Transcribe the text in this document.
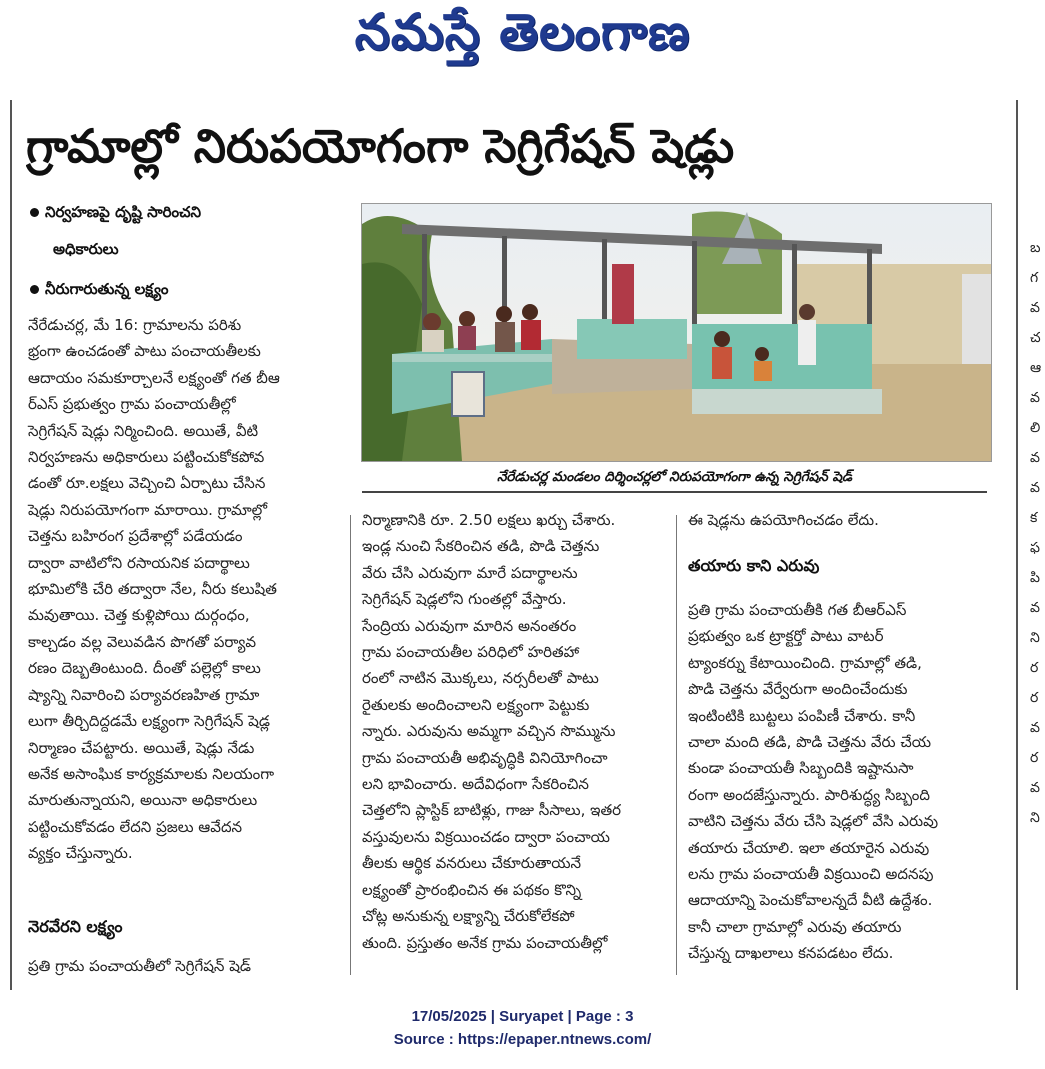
నమస్తే తెలంగాణ
గ్రామాల్లో నిరుపయోగంగా సెగ్రిగేషన్ షెడ్లు
నిర్వహణపై దృష్టి సారించని
అధికారులు
నీరుగారుతున్న లక్ష్యం

నేరేడుచర్ల, మే 16: గ్రామాలను పరిశు

భ్రంగా ఉంచడంతో పాటు పంచాయతీలకు

ఆదాయం సమకూర్చాలనే లక్ష్యంతో గత బీఆ

ర్ఎస్ ప్రభుత్వం గ్రామ పంచాయతీల్లో

సెగ్రిగేషన్ షెడ్లు నిర్మించింది. అయితే, వీటి

నిర్వహణను అధికారులు పట్టించుకోకపోవ

డంతో రూ.లక్షలు వెచ్చించి ఏర్పాటు చేసిన

షెడ్లు నిరుపయోగంగా మారాయి. గ్రామాల్లో

చెత్తను బహిరంగ ప్రదేశాల్లో పడేయడం

ద్వారా వాటిలోని రసాయనిక పదార్థాలు

భూమిలోకి చేరి తద్వారా నేల, నీరు కలుషిత

మవుతాయి. చెత్త కుళ్లిపోయి దుర్గంధం,

కాల్చడం వల్ల వెలువడిన పొగతో పర్యావ

రణం దెబ్బతింటుంది. దీంతో పల్లెల్లో కాలు

ష్యాన్ని నివారించి పర్యావరణహిత గ్రామా

లుగా తీర్చిదిద్దడమే లక్ష్యంగా సెగ్రిగేషన్ షెడ్ల

నిర్మాణం చేపట్టారు. అయితే, షెడ్లు నేడు

అనేక అసాంఘిక కార్యక్రమాలకు నిలయంగా

మారుతున్నాయని, అయినా అధికారులు

పట్టించుకోవడం లేదని ప్రజలు ఆవేదన

వ్యక్తం చేస్తున్నారు.

నెరవేరని లక్ష్యం

ప్రతి గ్రామ పంచాయతీలో సెగ్రిగేషన్ షెడ్

నేరేడుచర్ల మండలం దిర్శించర్లలో నిరుపయోగంగా ఉన్న సెగ్రిగేషన్ షెడ్

నిర్మాణానికి రూ. 2.50 లక్షలు ఖర్చు చేశారు.

ఇండ్ల నుంచి సేకరించిన తడి, పొడి చెత్తను

వేరు చేసి ఎరువుగా మారే పదార్థాలను

సెగ్రిగేషన్ షెడ్లలోని గుంతల్లో వేస్తారు.

సేంద్రియ ఎరువుగా మారిన అనంతరం

గ్రామ పంచాయతీల పరిధిలో హరితహా

రంలో నాటిన మొక్కలు, నర్సరీలతో పాటు

రైతులకు అందించాలని లక్ష్యంగా పెట్టుకు

న్నారు. ఎరువును అమ్మగా వచ్చిన సొమ్మును

గ్రామ పంచాయతీ అభివృద్ధికి వినియోగించా

లని భావించారు. అదేవిధంగా సేకరించిన

చెత్తలోని ప్లాస్టిక్ బాటిళ్లు, గాజు సీసాలు, ఇతర

వస్తువులను విక్రయించడం ద్వారా పంచాయ

తీలకు ఆర్థిక వనరులు చేకూరుతాయనే

లక్ష్యంతో ప్రారంభించిన ఈ పథకం కొన్ని

చోట్ల అనుకున్న లక్ష్యాన్ని చేరుకోలేకపో

తుంది. ప్రస్తుతం అనేక గ్రామ పంచాయతీల్లో

ఈ షెడ్లను ఉపయోగించడం లేదు.

తయారు కాని ఎరువు

ప్రతి గ్రామ పంచాయతీకి గత బీఆర్ఎస్

ప్రభుత్వం ఒక ట్రాక్టర్తో పాటు వాటర్

ట్యాంకర్ను కేటాయించింది. గ్రామాల్లో తడి,

పొడి చెత్తను వేర్వేరుగా అందించేందుకు

ఇంటింటికి బుట్టలు పంపిణీ చేశారు. కానీ

చాలా మంది తడి, పొడి చెత్తను వేరు చేయ

కుండా పంచాయతీ సిబ్బందికి ఇష్టానుసా

రంగా అందజేస్తున్నారు. పారిశుద్ధ్య సిబ్బంది

వాటిని చెత్తను వేరు చేసి షెడ్లలో వేసి ఎరువు

తయారు చేయాలి. ఇలా తయారైన ఎరువు

లను గ్రామ పంచాయతీ విక్రయించి అదనపు

ఆదాయాన్ని పెంచుకోవాలన్నదే వీటి ఉద్దేశం.

కానీ చాలా గ్రామాల్లో ఎరువు తయారు

చేస్తున్న దాఖలాలు కనపడటం లేదు.

బ
గ
వ
చ
ఆ
వ
లి
వ
వ
క
ఫ
పి
వ
ని
ర
ర
వ
ర
వ
ని
17/05/2025 | Suryapet | Page : 3
Source : https://epaper.ntnews.com/
